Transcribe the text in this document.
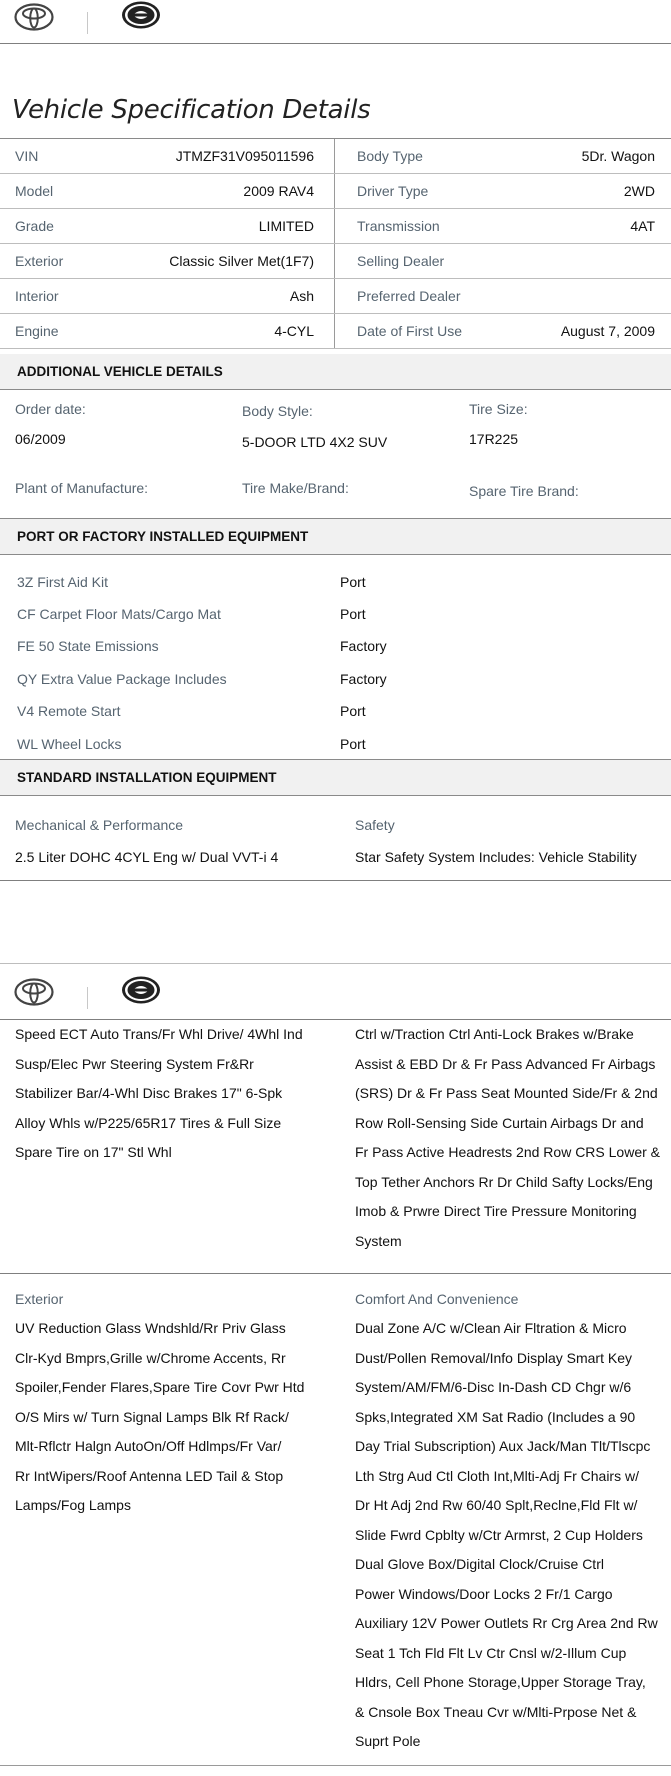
Vehicle Specification Details
VIN	JTMZF31V095011596	Body Type	5Dr. Wagon
Model	2009 RAV4	Driver Type	2WD
Grade	LIMITED	Transmission	4AT
Exterior	Classic Silver Met(1F7)	Selling Dealer
Interior	Ash	Preferred Dealer
Engine	4-CYL	Date of First Use	August 7, 2009
ADDITIONAL VEHICLE DETAILS
Order date:
06/2009
Body Style:
5-DOOR LTD 4X2 SUV
Tire Size:
17R225
Plant of Manufacture:	Tire Make/Brand:	Spare Tire Brand:
PORT OR FACTORY INSTALLED EQUIPMENT
3Z First Aid Kit	Port
CF Carpet Floor Mats/Cargo Mat	Port
FE 50 State Emissions	Factory
QY Extra Value Package Includes	Factory
V4 Remote Start	Port
WL Wheel Locks	Port
STANDARD INSTALLATION EQUIPMENT
Mechanical & Performance
2.5 Liter DOHC 4CYL Eng w/ Dual VVT-i 4
Safety
Star Safety System Includes: Vehicle Stability
Speed ECT Auto Trans/Fr Whl Drive/ 4Whl Ind
Susp/Elec Pwr Steering System Fr&Rr
Stabilizer Bar/4-Whl Disc Brakes 17" 6-Spk
Alloy Whls w/P225/65R17 Tires & Full Size
Spare Tire on 17" Stl Whl
Ctrl w/Traction Ctrl Anti-Lock Brakes w/Brake
Assist & EBD Dr & Fr Pass Advanced Fr Airbags
(SRS) Dr & Fr Pass Seat Mounted Side/Fr & 2nd
Row Roll-Sensing Side Curtain Airbags Dr and
Fr Pass Active Headrests 2nd Row CRS Lower &
Top Tether Anchors Rr Dr Child Safty Locks/Eng
Imob & Prwre Direct Tire Pressure Monitoring
System
Exterior	Comfort And Convenience
UV Reduction Glass Wndshld/Rr Priv Glass
Clr-Kyd Bmprs,Grille w/Chrome Accents, Rr
Spoiler,Fender Flares,Spare Tire Covr Pwr Htd
O/S Mirs w/ Turn Signal Lamps Blk Rf Rack/
Mlt-Rflctr Halgn AutoOn/Off Hdlmps/Fr Var/
Rr IntWipers/Roof Antenna LED Tail & Stop
Lamps/Fog Lamps
Dual Zone A/C w/Clean Air Fltration & Micro
Dust/Pollen Removal/Info Display Smart Key
System/AM/FM/6-Disc In-Dash CD Chgr w/6
Spks,Integrated XM Sat Radio (Includes a 90
Day Trial Subscription) Aux Jack/Man Tlt/Tlscpc
Lth Strg Aud Ctl Cloth Int,Mlti-Adj Fr Chairs w/
Dr Ht Adj 2nd Rw 60/40 Splt,Reclne,Fld Flt w/
Slide Fwrd Cpblty w/Ctr Armrst, 2 Cup Holders
Dual Glove Box/Digital Clock/Cruise Ctrl
Power Windows/Door Locks 2 Fr/1 Cargo
Auxiliary 12V Power Outlets Rr Crg Area 2nd Rw
Seat 1 Tch Fld Flt Lv Ctr Cnsl w/2-Illum Cup
Hldrs, Cell Phone Storage,Upper Storage Tray,
& Cnsole Box Tneau Cvr w/Mlti-Prpose Net &
Suprt Pole
